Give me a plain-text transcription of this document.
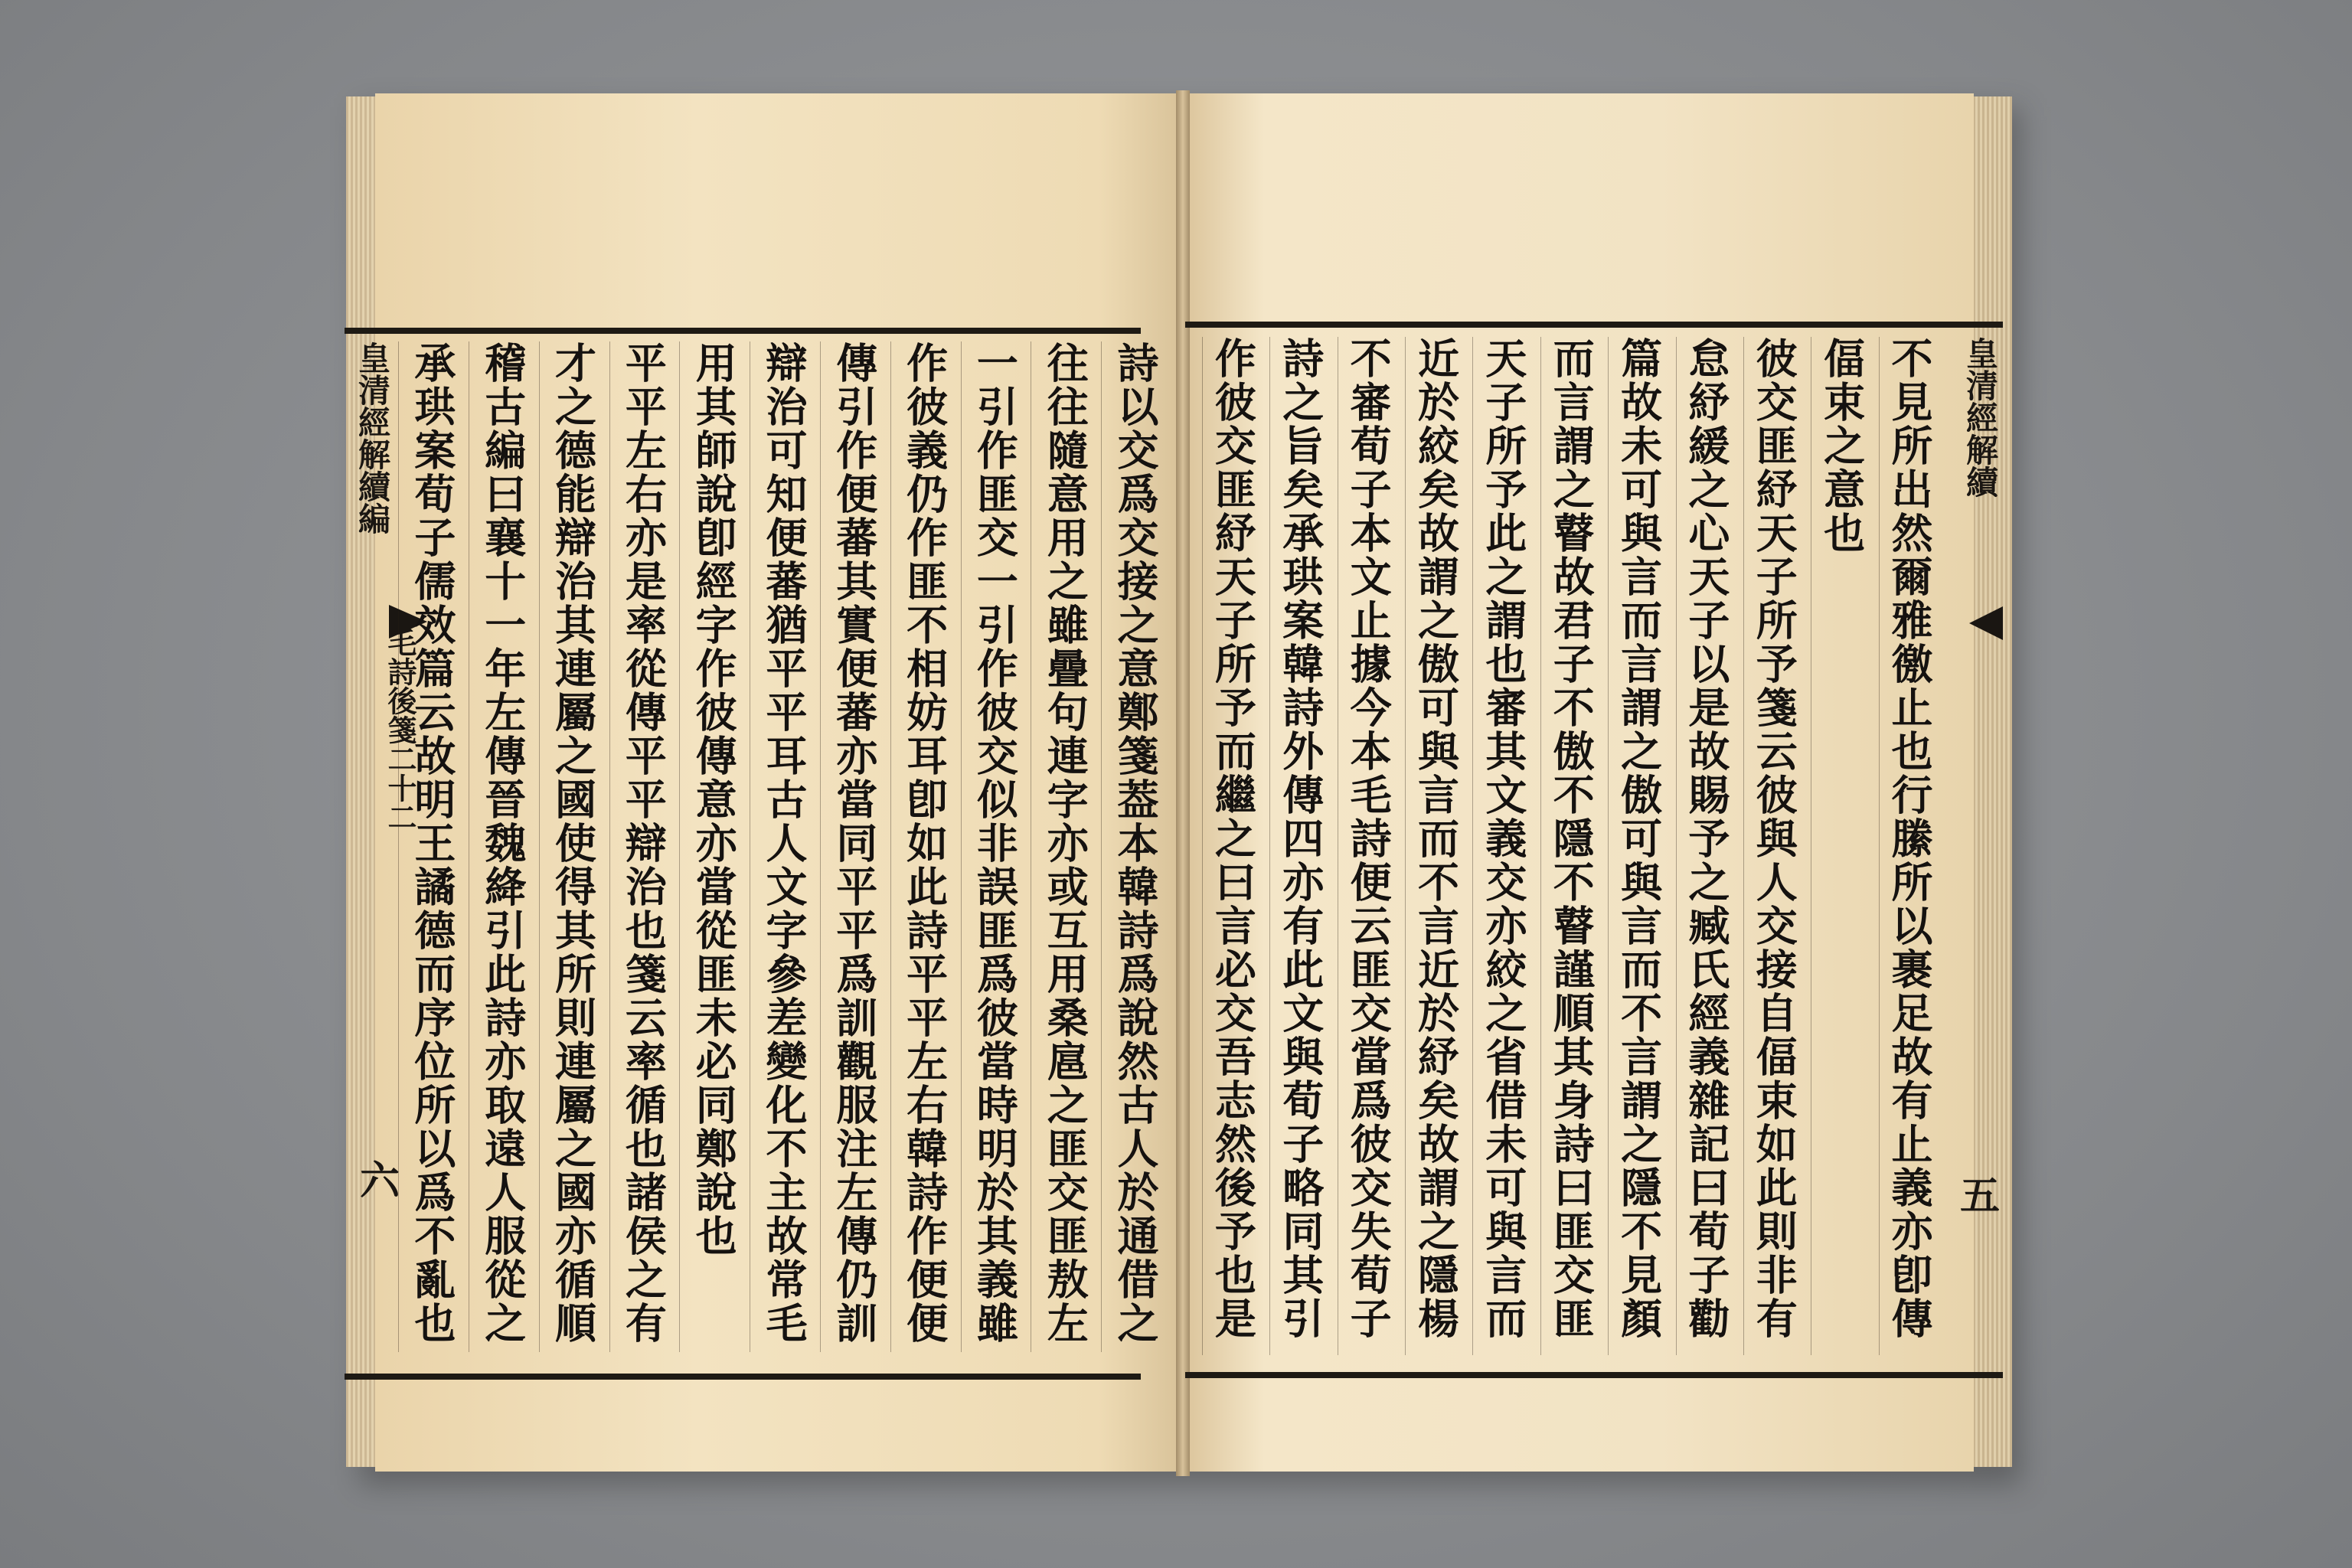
皇清經解續編
毛詩後箋二十二
六
皇清經解續
五
詩以交爲交接之意鄭箋葢本韓詩爲說然古人於通借之
往往隨意用之雖曡句連字亦或互用桑扈之匪交匪敖左
一引作匪交一引作彼交似非誤匪爲彼當時明於其義雖
作彼義仍作匪不相妨耳卽如此詩平平左右韓詩作便便
傳引作便蕃其實便蕃亦當同平平爲訓觀服注左傳仍訓
辯治可知便蕃猶平平耳古人文字參差變化不主故常毛
用其師說卽經字作彼傳意亦當從匪未必同鄭說也
平平左右亦是率從傳平平辯治也箋云率循也諸侯之有
才之德能辯治其連屬之國使得其所則連屬之國亦循順
稽古編曰襄十一年左傳晉魏絳引此詩亦取遠人服從之
承珙案荀子儒效篇云故明王譎德而序位所以爲不亂也
不見所出然爾雅徼止也行縢所以裹足故有止義亦卽傳
偪束之意也
彼交匪紓天子所予箋云彼與人交接自偪束如此則非有
怠紓緩之心天子以是故賜予之臧氏經義雜記曰荀子勸
篇故未可與言而言謂之傲可與言而不言謂之隱不見顏
而言謂之瞽故君子不傲不隱不瞽謹順其身詩曰匪交匪
天子所予此之謂也審其文義交亦絞之省借未可與言而
近於絞矣故謂之傲可與言而不言近於紓矣故謂之隱楊
不審荀子本文止據今本毛詩便云匪交當爲彼交失荀子
詩之旨矣承珙案韓詩外傳四亦有此文與荀子略同其引
作彼交匪紓天子所予而繼之曰言必交吾志然後予也是
